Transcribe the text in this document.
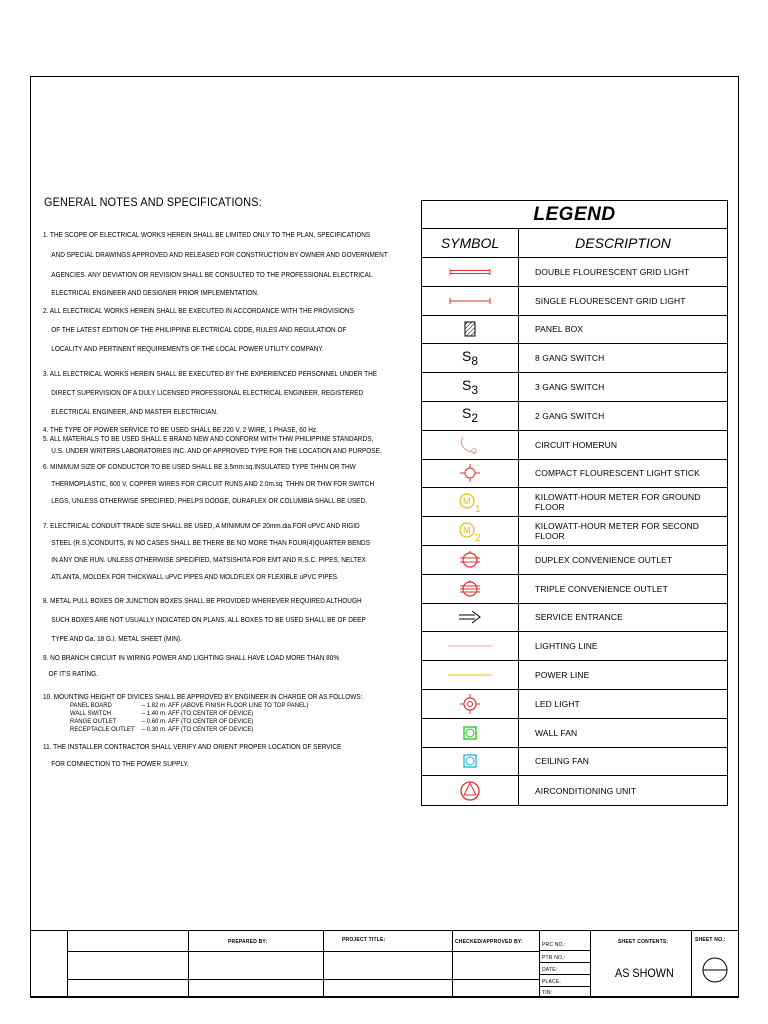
GENERAL NOTES AND SPECIFICATIONS:
1. THE SCOPE OF ELECTRICAL WORKS HEREIN SHALL BE LIMITED ONLY TO THE PLAN, SPECIFICATIONS
AND SPECIAL DRAWINGS APPROVED AND RELEASED FOR CONSTRUCTION BY OWNER AND GOVERNMENT
AGENCIES. ANY DEVIATION OR REVISION SHALL BE CONSULTED TO THE PROFESSIONAL ELECTRICAL
ELECTRICAL ENGINEER AND DESIGNER PRIOR IMPLEMENTATION.
2. ALL ELECTRICAL WORKS HEREIN SHALL BE EXECUTED IN ACCORDANCE WITH THE PROVISIONS
OF THE LATEST EDITION OF THE PHILIPPINE ELECTRICAL CODE, RULES AND REGULATION OF
LOCALITY AND PERTINENT REQUIREMENTS OF THE LOCAL POWER UTILITY COMPANY.
3. ALL ELECTRICAL WORKS HEREIN SHALL BE EXECUTED BY THE EXPERIENCED PERSONNEL UNDER THE
DIRECT SUPERVISION OF A DULY LICENSED PROFESSIONAL ELECTRICAL ENGINEER, REGISTERED
ELECTRICAL ENGINEER, AND MASTER ELECTRICIAN.
4. THE TYPE OF POWER SERVICE TO BE USED SHALL BE 220 V, 2 WIRE, 1 PHASE, 60 Hz.
5. ALL MATERIALS TO BE USED SHALL E BRAND NEW AND CONFORM WITH THW PHILIPPINE STANDARDS,
U.S. UNDER WRITERS LABORATORIES INC. AND OF APPROVED TYPE FOR THE LOCATION AND PURPOSE.
6. MINIMUM SIZE OF CONDUCTOR TO BE USED SHALL BE 3.5mm.sq.INSULATED TYPE THHN OR THW
THERMOPLASTIC, 600 V, COPPER WIRES FOR CIRCUIT RUNS AND 2.0m.sq. THHN OR THW FOR SWITCH
LEGS, UNLESS OTHERWISE SPECIFIED, PHELPS DODGE, DURAFLEX OR COLUMBIA SHALL BE USED.
7. ELECTRICAL CONDUIT TRADE SIZE SHALL BE USED, A MINIMUM OF 20mm.dia.FOR uPVC AND RIGID
STEEL (R.S.)CONDUITS, IN NO CASES SHALL BE THERE BE NO MORE THAN FOUR(4)QUARTER BENDS
IN ANY ONE RUN. UNLESS OTHERWISE SPECIFIED, MATSISHITA FOR EMT AND R.S.C. PIPES, NELTEX
ATLANTA, MOLDEX FOR THICKWALL uPVC PIPES AND MOLDFLEX OR FLEXIBLE uPVC PIPES.
8. METAL PULL BOXES OR JUNCTION BOXES SHALL BE PROVIDED WHEREVER REQUIRED ALTHOUGH
SUCH BOXES ARE NOT USUALLY INDICATED ON PLANS. ALL BOXES TO BE USED SHALL BE OF DEEP
TYPE AND Ga. 18 G.I. METAL SHEET (MIN).
9. NO BRANCH CIRCUIT IN WIRING POWER AND LIGHTING SHALL HAVE LOAD MORE THAN 80%
OF IT'S RATING.
10. MOUNTING HEIGHT OF DIVICES SHALL BE APPROVED BY ENGINEER IN CHARGE OR AS FOLLOWS:
PANEL BOARD	– 1.82 m. AFF (ABOVE FINISH FLOOR LINE TO TOP PANEL)
WALL SWITCH	– 1.40 m. AFF (TO CENTER OF DEVICE)
RANGE OUTLET	– 0.60 m. AFF (TO CENTER OF DEVICE)
RECEPTACLE OUTLET	– 0.30 m. AFF (TO CENTER OF DEVICE)
11. THE INSTALLER CONTRACTOR SHALL VERIFY AND ORIENT PROPER LOCATION OF SERVICE
FOR CONNECTION TO THE POWER SUPPLY.
LEGEND
SYMBOL	DESCRIPTION
DOUBLE FLOURESCENT GRID LIGHT
SINGLE FLOURESCENT GRID LIGHT
PANEL BOX
$S_8$	8 GANG SWITCH
$S_3$	3 GANG SWITCH
$S_2$	2 GANG SWITCH
CIRCUIT HOMERUN
COMPACT FLOURESCENT LIGHT STICK
M
1
KILOWATT-HOUR METER FOR GROUND FLOOR
M
2
KILOWATT-HOUR METER FOR SECOND FLOOR
DUPLEX CONVENIENCE OUTLET
TRIPLE CONVENIENCE OUTLET
SERVICE ENTRANCE
LIGHTING LINE
POWER LINE
LED LIGHT
WALL FAN
CEILING FAN
AIRCONDITIONING UNIT
PREPARED BY:	PROJECT TITLE:	CHECKED/APPROVED BY:	PRC NO.:
PTR NO.:
DATE:
PLACE:
TIN:
SHEET CONTENTS:
AS SHOWN
SHEET NO.:
